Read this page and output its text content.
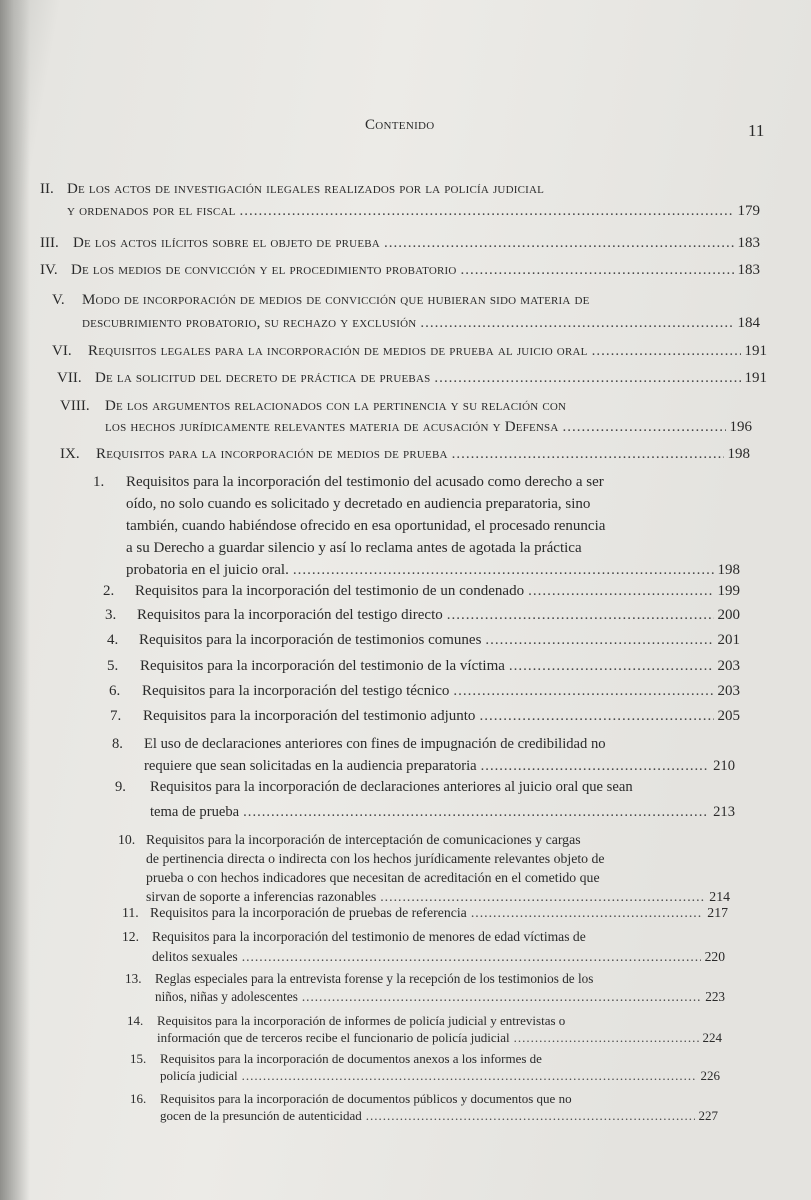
Contenido	11
II. De los actos de investigación ilegales realizados por la policía judicial
y ordenados por el fiscal .....	179
III. De los actos ilícitos sobre el objeto de prueba .....	183
IV. De los medios de convicción y el procedimiento probatorio .....	183
V.	Modo de incorporación de medios de convicción que hubieran sido materia de
descubrimiento probatorio, su rechazo y exclusión .....	184
VI.	Requisitos legales para la incorporación de medios de prueba al juicio oral .....	191
VII. De la solicitud del decreto de práctica de pruebas .....	191
VIII.	De los argumentos relacionados con la pertinencia y su relación con
los hechos jurídicamente relevantes materia de acusación y Defensa .....	196
IX.	Requisitos para la incorporación de medios de prueba .....	198
1.	Requisitos para la incorporación del testimonio del acusado como derecho a ser
oído, no solo cuando es solicitado y decretado en audiencia preparatoria, sino
también, cuando habiéndose ofrecido en esa oportunidad, el procesado renuncia
a su Derecho a guardar silencio y así lo reclama antes de agotada la práctica
probatoria en el juicio oral. .....	198
2.	Requisitos para la incorporación del testimonio de un condenado .....	199
3.	Requisitos para la incorporación del testigo directo .....	200
4.	Requisitos para la incorporación de testimonios comunes .....	201
5.	Requisitos para la incorporación del testimonio de la víctima .....	203
6.	Requisitos para la incorporación del testigo técnico .....	203
7.	Requisitos para la incorporación del testimonio adjunto .....	205
8.	El uso de declaraciones anteriores con fines de impugnación de credibilidad no
requiere que sean solicitadas en la audiencia preparatoria .....	210
9.	Requisitos para la incorporación de declaraciones anteriores al juicio oral que sean
tema de prueba .....	213
10. Requisitos para la incorporación de interceptación de comunicaciones y cargas
de pertinencia directa o indirecta con los hechos jurídicamente relevantes objeto de
prueba o con hechos indicadores que necesitan de acreditación en el cometido que
sirvan de soporte a inferencias razonables .....	214
11. Requisitos para la incorporación de pruebas de referencia .....	217
12. Requisitos para la incorporación del testimonio de menores de edad víctimas de
delitos sexuales .....	220
13.	Reglas especiales para la entrevista forense y la recepción de los testimonios de los
niños, niñas y adolescentes .....	223
14.	Requisitos para la incorporación de informes de policía judicial y entrevistas o
información que de terceros recibe el funcionario de policía judicial .....	224
15.	Requisitos para la incorporación de documentos anexos a los informes de
policía judicial .....	226
16.	Requisitos para la incorporación de documentos públicos y documentos que no
gocen de la presunción de autenticidad .....	227
